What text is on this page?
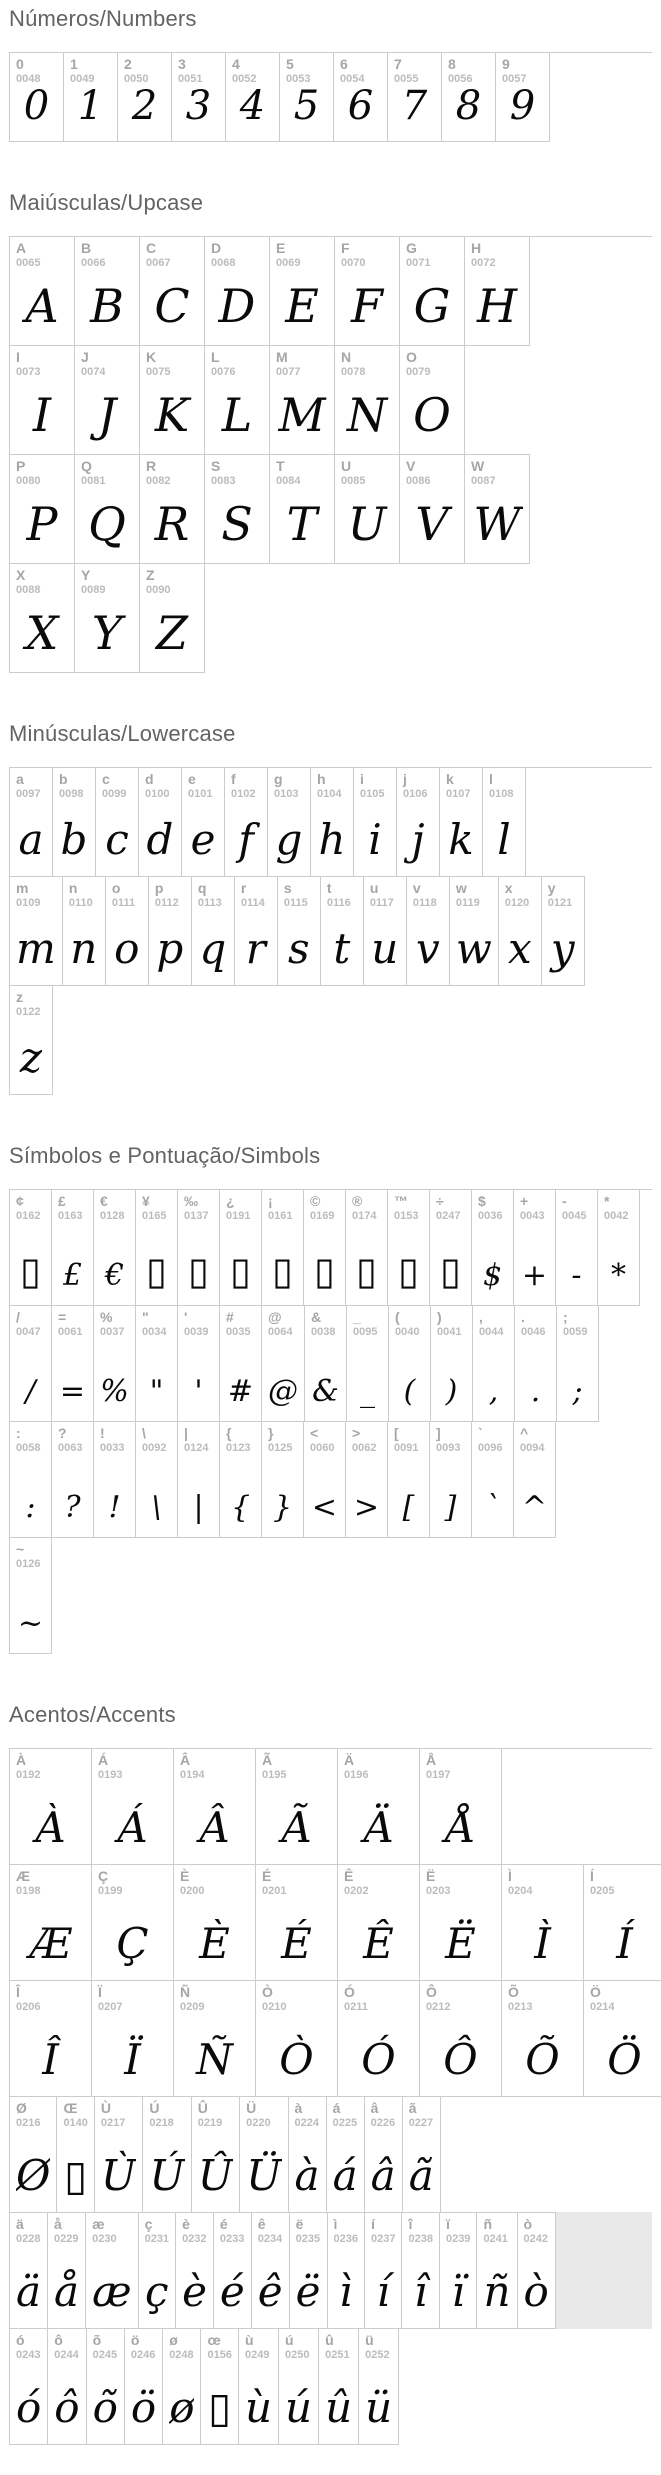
Números/Numbers
0
0048
0
1
0049
1
2
0050
2
3
0051
3
4
0052
4
5
0053
5
6
0054
6
7
0055
7
8
0056
8
9
0057
9
Maiúsculas/Upcase
A
0065
A
B
0066
B
C
0067
C
D
0068
D
E
0069
E
F
0070
F
G
0071
G
H
0072
H
I
0073
I
J
0074
J
K
0075
K
L
0076
L
M
0077
M
N
0078
N
O
0079
O
P
0080
P
Q
0081
Q
R
0082
R
S
0083
S
T
0084
T
U
0085
U
V
0086
V
W
0087
W
X
0088
X
Y
0089
Y
Z
0090
Z
Minúsculas/Lowercase
a
0097
a
b
0098
b
c
0099
c
d
0100
d
e
0101
e
f
0102
f
g
0103
g
h
0104
h
i
0105
i
j
0106
j
k
0107
k
l
0108
l
m
0109
m
n
0110
n
o
0111
o
p
0112
p
q
0113
q
r
0114
r
s
0115
s
t
0116
t
u
0117
u
v
0118
v
w
0119
w
x
0120
x
y
0121
y
z
0122
z
Símbolos e Pontuação/Simbols
¢
0162
▯
£
0163
£
€
0128
€
¥
0165
▯
‰
0137
▯
¿
0191
▯
¡
0161
▯
©
0169
▯
®
0174
▯
™
0153
▯
÷
0247
▯
$
0036
$
+
0043
+
-
0045
-
*
0042
*
/
0047
/
=
0061
=
%
0037
%
"
0034
"
'
0039
'
#
0035
#
@
0064
@
&
0038
&
_
0095
_
(
0040
(
)
0041
)
,
0044
,
.
0046
.
;
0059
;
:
0058
:
?
0063
?
!
0033
!
\
0092
\
|
0124
|
{
0123
{
}
0125
}
<
0060
<
>
0062
>
[
0091
[
]
0093
]
`
0096
`
^
0094
^
~
0126
~
Acentos/Accents
À
0192
À
Á
0193
Á
Â
0194
Â
Ã
0195
Ã
Ä
0196
Ä
Å
0197
Å
Æ
0198
Æ
Ç
0199
Ç
È
0200
È
É
0201
É
Ê
0202
Ê
Ë
0203
Ë
Ì
0204
Ì
Í
0205
Í
Î
0206
Î
Ï
0207
Ï
Ñ
0209
Ñ
Ò
0210
Ò
Ó
0211
Ó
Ô
0212
Ô
Õ
0213
Õ
Ö
0214
Ö
Ø
0216
Ø
Œ
0140
▯
Ù
0217
Ù
Ú
0218
Ú
Û
0219
Û
Ü
0220
Ü
à
0224
à
á
0225
á
â
0226
â
ã
0227
ã
ä
0228
ä
å
0229
å
æ
0230
æ
ç
0231
ç
è
0232
è
é
0233
é
ê
0234
ê
ë
0235
ë
ì
0236
ì
í
0237
í
î
0238
î
ï
0239
ï
ñ
0241
ñ
ò
0242
ò
ó
0243
ó
ô
0244
ô
õ
0245
õ
ö
0246
ö
ø
0248
ø
œ
0156
▯
ù
0249
ù
ú
0250
ú
û
0251
û
ü
0252
ü
